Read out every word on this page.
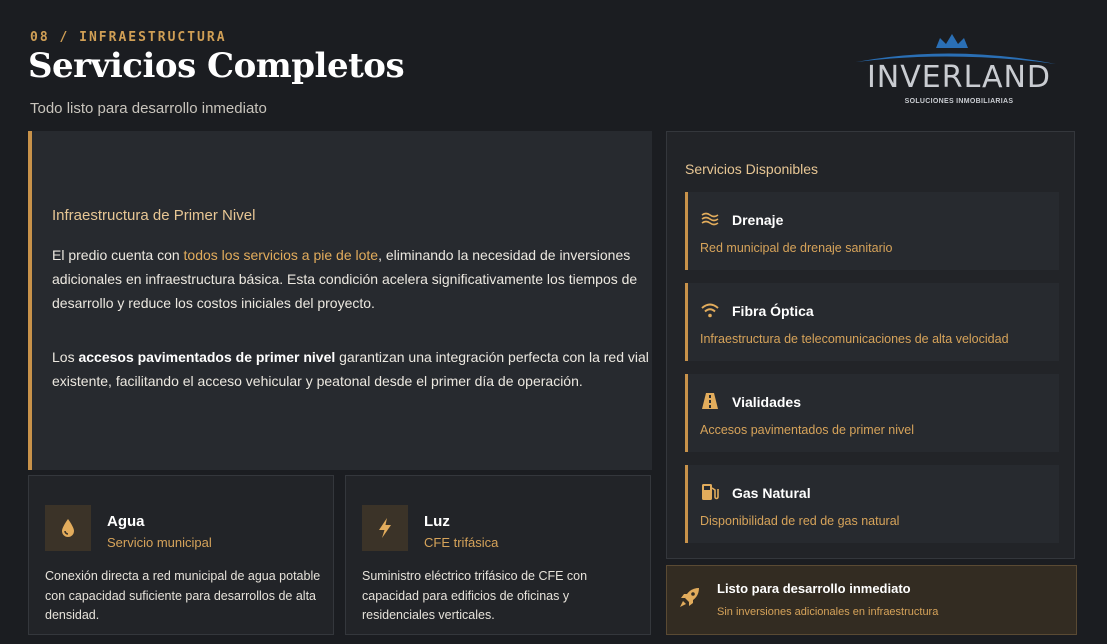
08 / INFRAESTRUCTURA
Servicios Completos
Todo listo para desarrollo inmediato
INVERLAND
SOLUCIONES INMOBILIARIAS
Infraestructura de Primer Nivel
El predio cuenta con todos los servicios a pie de lote, eliminando la necesidad de inversiones adicionales en infraestructura básica. Esta condición acelera significativamente los tiempos de desarrollo y reduce los costos iniciales del proyecto.
Los accesos pavimentados de primer nivel garantizan una integración perfecta con la red vial existente, facilitando el acceso vehicular y peatonal desde el primer día de operación.
Agua
Servicio municipal
Conexión directa a red municipal de agua potable con capacidad suficiente para desarrollos de alta densidad.
Luz
CFE trifásica
Suministro eléctrico trifásico de CFE con capacidad para edificios de oficinas y residenciales verticales.
Servicios Disponibles
Drenaje
Red municipal de drenaje sanitario
Fibra Óptica
Infraestructura de telecomunicaciones de alta velocidad
Vialidades
Accesos pavimentados de primer nivel
Gas Natural
Disponibilidad de red de gas natural
Listo para desarrollo inmediato
Sin inversiones adicionales en infraestructura
